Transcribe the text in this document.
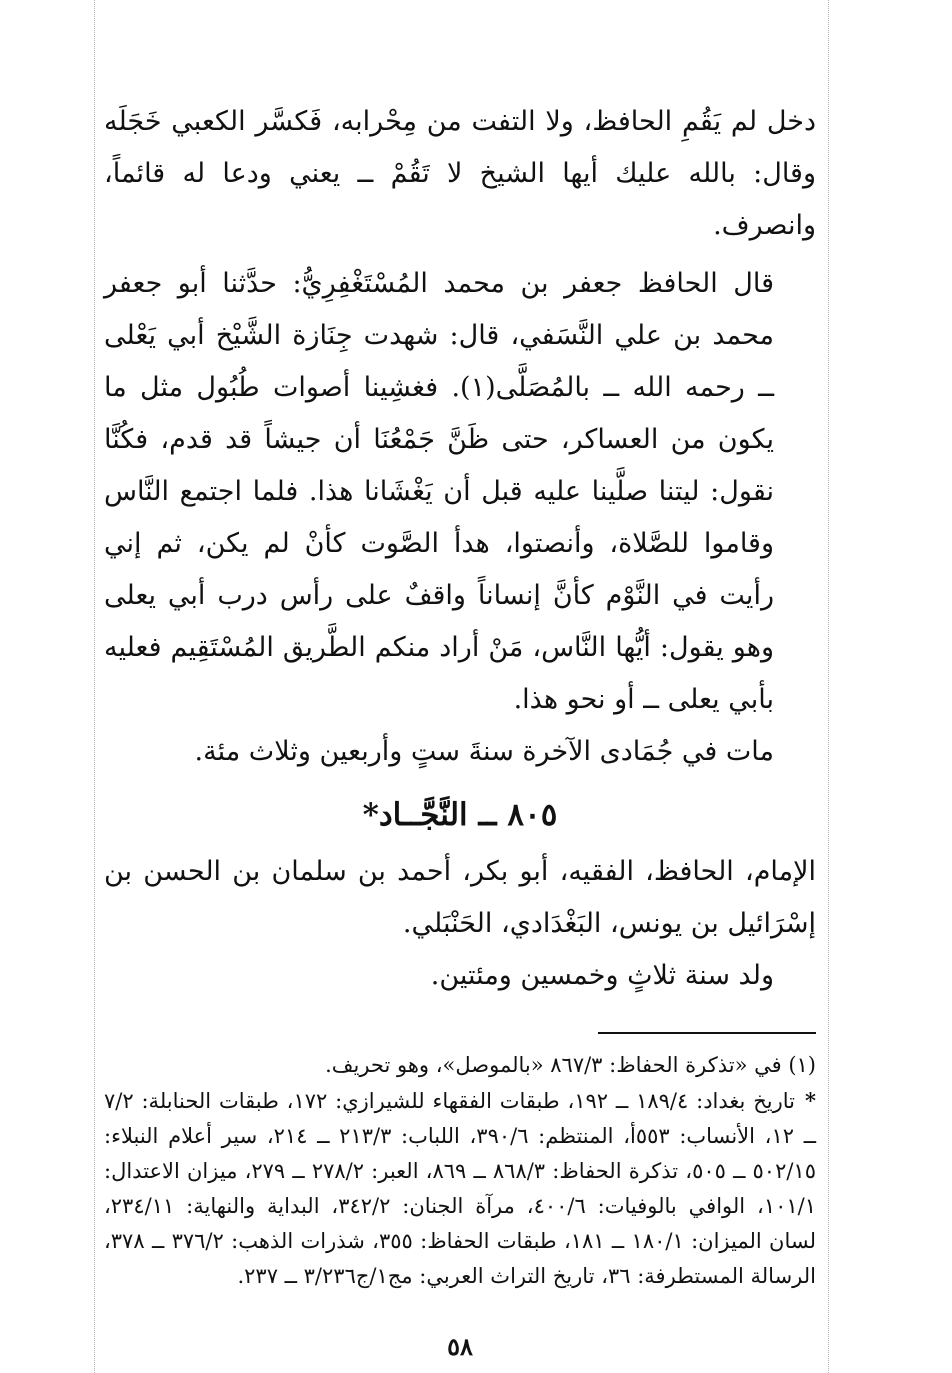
دخل لم يَقُمِ الحافظ، ولا التفت من مِحْرابه، فَكسَّر الكعبي خَجَلَه وقال: بالله عليك أيها الشيخ لا تَقُمْ ــ يعني ودعا له قائماً، وانصرف.

قال الحافظ جعفر بن محمد المُسْتَغْفِرِيُّ: حدَّثنا أبو جعفر محمد بن علي النَّسَفي، قال: شهدت جِنَازة الشَّيْخ أبي يَعْلى ــ رحمه الله ــ بالمُصَلَّى(١). فغشِينا أصوات طُبُول مثل ما يكون من العساكر، حتى ظَنَّ جَمْعُنَا أن جيشاً قد قدم، فكُنَّا نقول: ليتنا صلَّينا عليه قبل أن يَغْشَانا هذا. فلما اجتمع النَّاس وقاموا للصَّلاة، وأنصتوا، هدأ الصَّوت كأنْ لم يكن، ثم إني رأيت في النَّوْم كأنَّ إنساناً واقفٌ على رأس درب أبي يعلى وهو يقول: أيُّها النَّاس، مَنْ أراد منكم الطَّريق المُسْتَقِيم فعليه بأبي يعلى ــ أو نحو هذا.

مات في جُمَادى الآخرة سنةَ ستٍ وأربعين وثلاث مئة.

٨٠٥ ــ النَّجَّــاد*

الإمام، الحافظ، الفقيه، أبو بكر، أحمد بن سلمان بن الحسن بن إسْرَائيل بن يونس، البَغْدَادي، الحَنْبَلي.

ولد سنة ثلاثٍ وخمسين ومئتين.

(١) في «تذكرة الحفاظ: ٨٦٧/٣ «بالموصل»، وهو تحريف.

*تاريخ بغداد: ١٨٩/٤ ــ ١٩٢، طبقات الفقهاء للشيرازي: ١٧٢، طبقات الحنابلة: ٧/٢ ــ ١٢، الأنساب: ٥٥٣أ، المنتظم: ٣٩٠/٦، اللباب: ٢١٣/٣ ــ ٢١٤، سير أعلام النبلاء: ٥٠٢/١٥ ــ ٥٠٥، تذكرة الحفاظ: ٨٦٨/٣ ــ ٨٦٩، العبر: ٢٧٨/٢ ــ ٢٧٩، ميزان الاعتدال: ١٠١/١، الوافي بالوفيات: ٤٠٠/٦، مرآة الجنان: ٣٤٢/٢، البداية والنهاية: ٢٣٤/١١، لسان الميزان: ١٨٠/١ ــ ١٨١، طبقات الحفاظ: ٣٥٥، شذرات الذهب: ٣٧٦/٢ ــ ٣٧٨، الرسالة المستطرفة: ٣٦، تاريخ التراث العربي: مج١/ج٣/٢٣٦ ــ ٢٣٧.

٥٨
